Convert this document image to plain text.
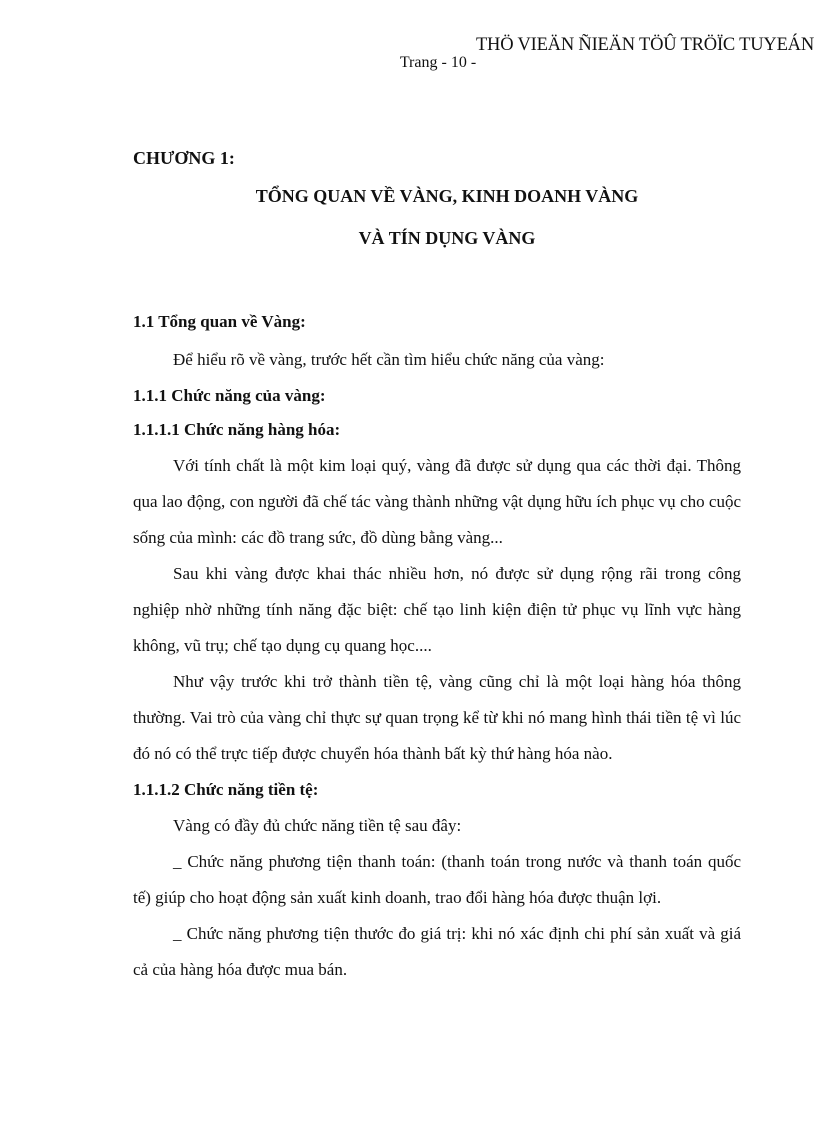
THÖ VIEÄN ÑIEÄN TÖÛ TRÖÏC TUYEÁN
Trang - 10 -

CHƯƠNG 1:

TỔNG QUAN VỀ VÀNG, KINH DOANH VÀNG

VÀ TÍN DỤNG VÀNG

1.1 Tổng quan về Vàng:

Để hiểu rõ về vàng, trước hết cần tìm hiểu chức năng của vàng:

1.1.1 Chức năng của vàng:

1.1.1.1 Chức năng hàng hóa:

Với tính chất là một kim loại quý, vàng đã được sử dụng qua các thời đại. Thông qua lao động, con người đã chế tác vàng thành những vật dụng hữu ích phục vụ cho cuộc sống của mình: các đồ trang sức, đồ dùng bằng vàng...

Sau khi vàng được khai thác nhiều hơn, nó được sử dụng rộng rãi trong công nghiệp nhờ những tính năng đặc biệt: chế tạo linh kiện điện tử phục vụ lĩnh vực hàng không, vũ trụ; chế tạo dụng cụ quang học....

Như vậy trước khi trở thành tiền tệ, vàng cũng chỉ là một loại hàng hóa thông thường. Vai trò của vàng chỉ thực sự quan trọng kể từ khi nó mang hình thái tiền tệ vì lúc đó nó có thể trực tiếp được chuyển hóa thành bất kỳ thứ hàng hóa nào.

1.1.1.2 Chức năng tiền tệ:

Vàng có đầy đủ chức năng tiền tệ sau đây:

_ Chức năng phương tiện thanh toán: (thanh toán trong nước và thanh toán quốc tế) giúp cho hoạt động sản xuất kinh doanh, trao đổi hàng hóa được thuận lợi.

_ Chức năng phương tiện thước đo giá trị: khi nó xác định chi phí sản xuất và giá cả của hàng hóa được mua bán.
